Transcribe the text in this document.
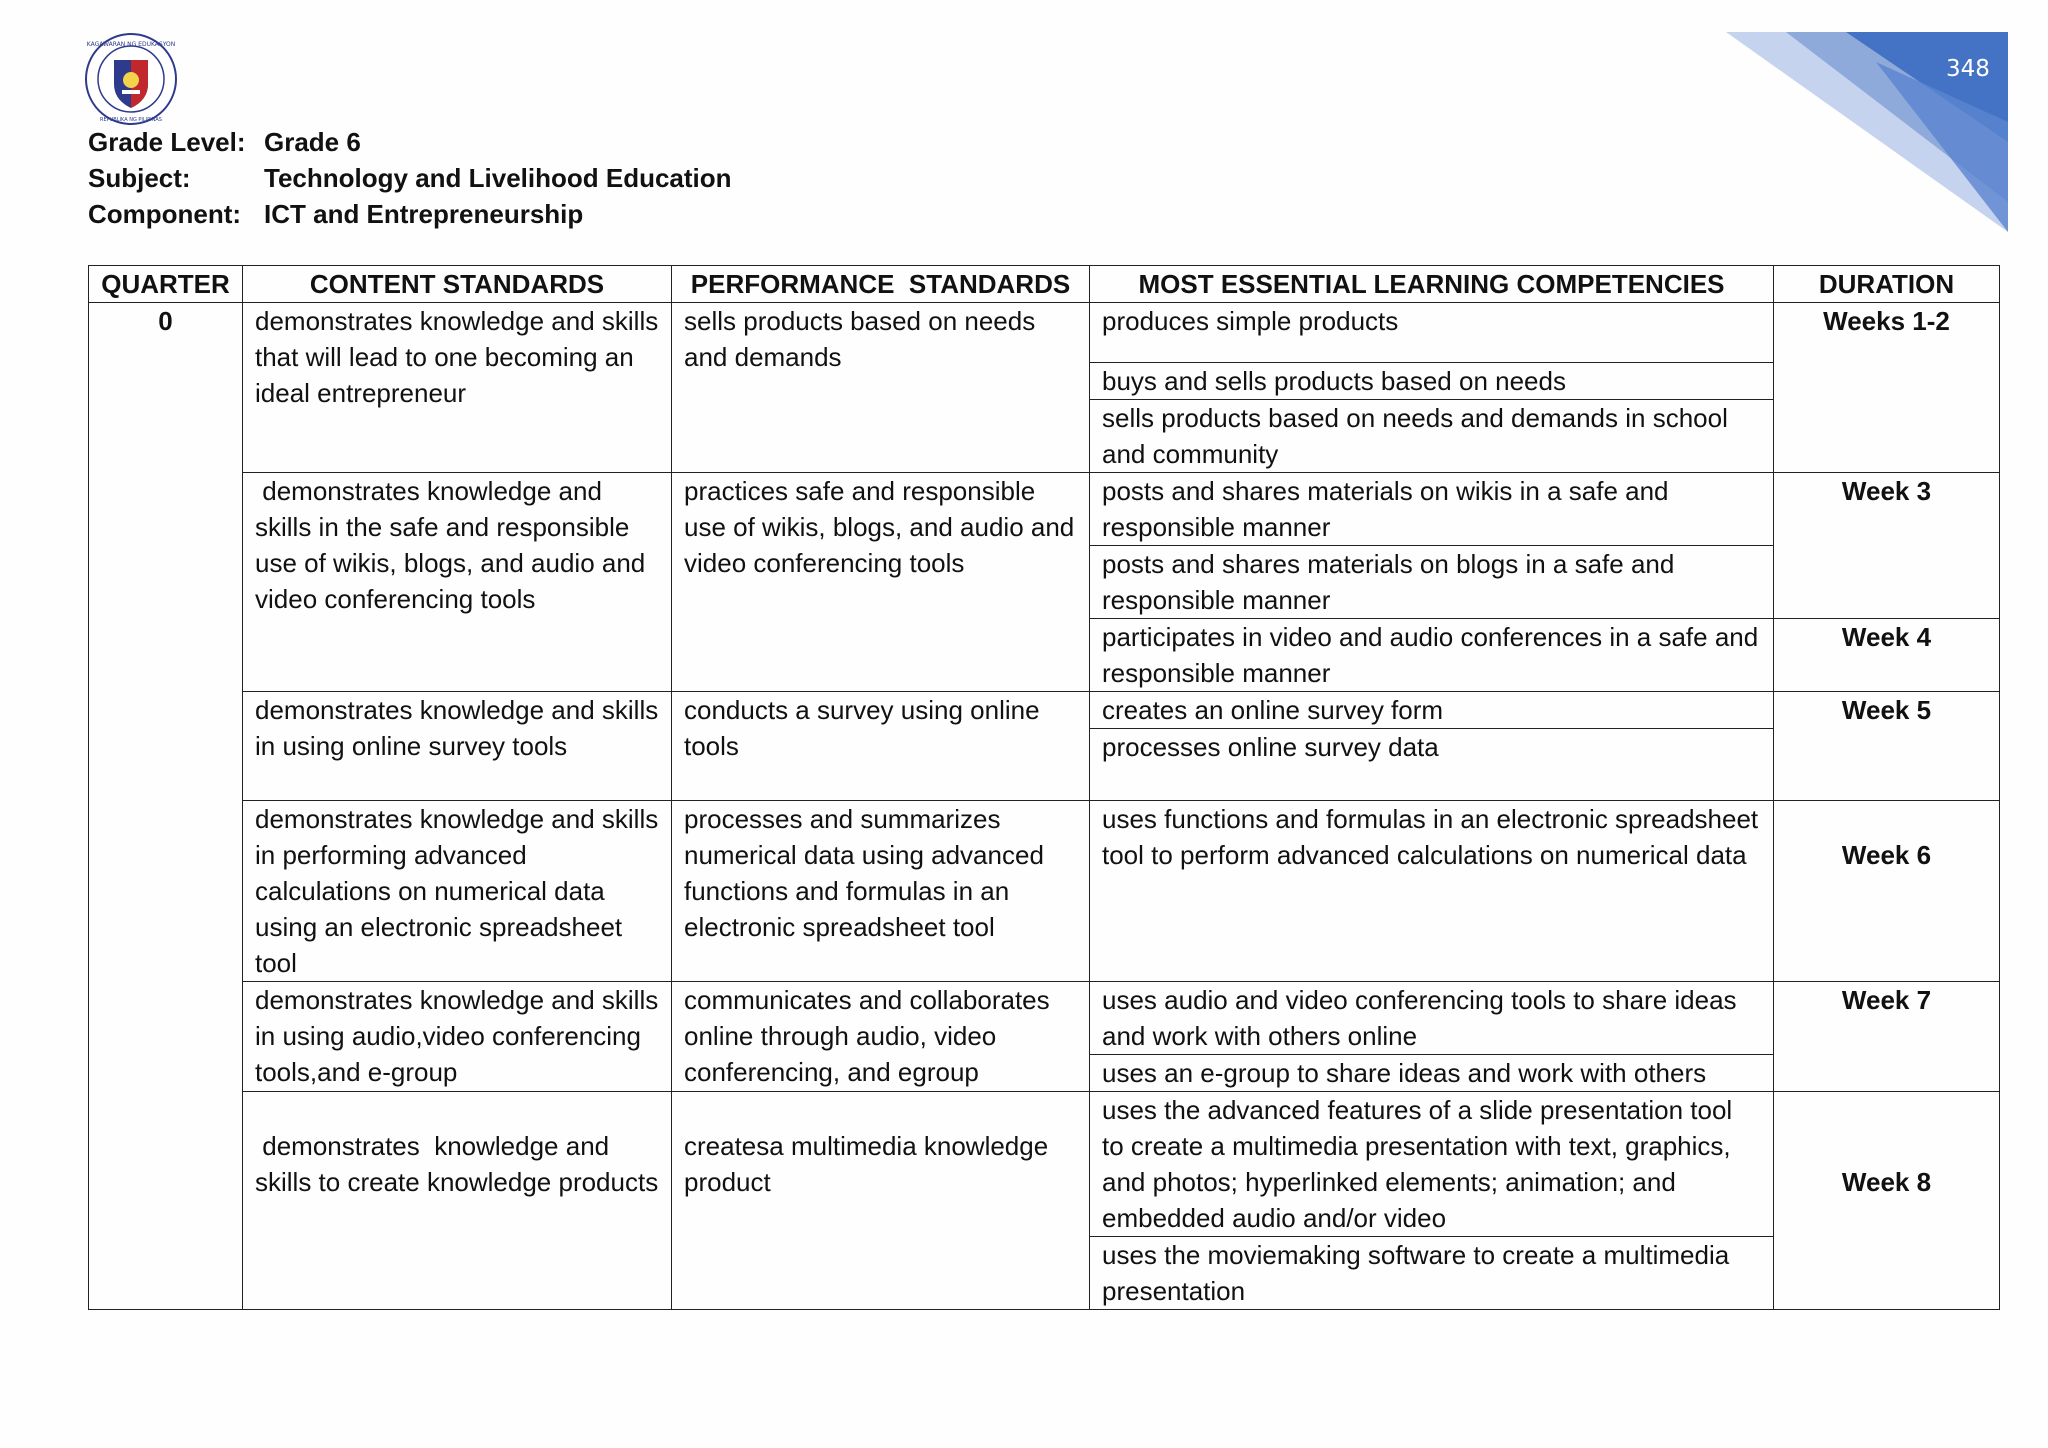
348
KAGAWARAN NG EDUKASYON
REPUBLIKA NG PILIPINAS
Grade Level: Grade 6
Subject:	Technology and Livelihood Education
Component: ICT and Entrepreneurship
QUARTER	CONTENT STANDARDS	PERFORMANCE  STANDARDS	MOST ESSENTIAL LEARNING COMPETENCIES	DURATION
0	demonstrates knowledge and skills that will lead to one becoming an ideal entrepreneur	sells products based on needs and demands	produces simple products	Weeks 1-2
			buys and sells products based on needs	
			sells products based on needs and demands in school and community	
	demonstrates knowledge and skills in the safe and responsible use of wikis, blogs, and audio and video conferencing tools	practices safe and responsible use of wikis, blogs, and audio and video conferencing tools	posts and shares materials on wikis in a safe and responsible manner	Week 3
			posts and shares materials on blogs in a safe and responsible manner	
			participates in video and audio conferences in a safe and responsible manner	Week 4
	demonstrates knowledge and skills in using online survey tools	conducts a survey using online tools	creates an online survey form	Week 5
			processes online survey data	
	demonstrates knowledge and skills in performing advanced calculations on numerical data using an electronic spreadsheet tool	processes and summarizes numerical data using advanced functions and formulas in an electronic spreadsheet tool	uses functions and formulas in an electronic spreadsheet tool to perform advanced calculations on numerical data	Week 6
	demonstrates knowledge and skills in using audio,video conferencing tools,and e-group	communicates and collaborates online through audio, video conferencing, and egroup	uses audio and video conferencing tools to share ideas and work with others online	Week 7
			uses an e-group to share ideas and work with others	
	demonstrates  knowledge and skills to create knowledge products	createsa multimedia knowledge product	uses the advanced features of a slide presentation tool to create a multimedia presentation with text, graphics, and photos; hyperlinked elements; animation; and embedded audio and/or video	Week 8
			uses the moviemaking software to create a multimedia presentation	
